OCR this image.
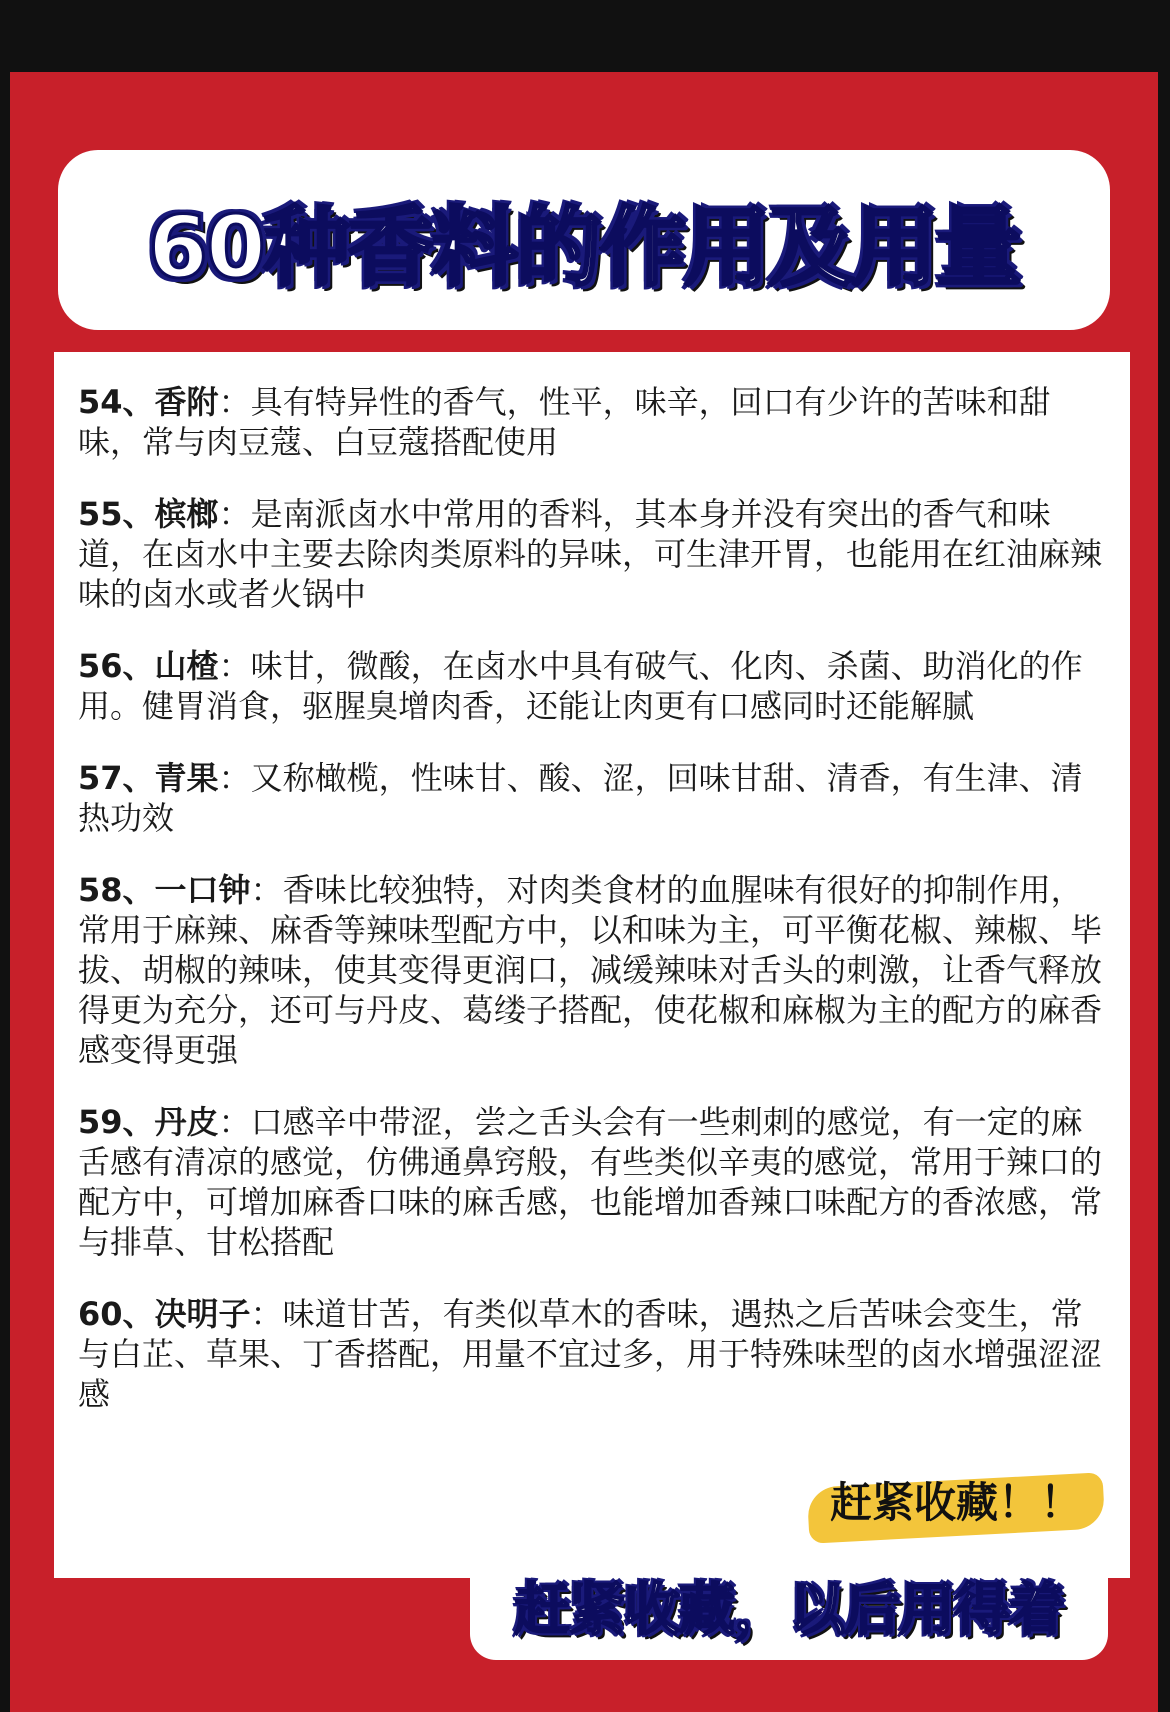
60种香料的作用及用量

54、香附：具有特异性的香气，性平，味辛，回口有少许的苦味和甜味，常与肉豆蔻、白豆蔻搭配使用

55、槟榔：是南派卤水中常用的香料，其本身并没有突出的香气和味道，在卤水中主要去除肉类原料的异味，可生津开胃，也能用在红油麻辣味的卤水或者火锅中

56、山楂：味甘，微酸，在卤水中具有破气、化肉、杀菌、助消化的作用。健胃消食，驱腥臭增肉香，还能让肉更有口感同时还能解腻

57、青果：又称橄榄，性味甘、酸、涩，回味甘甜、清香，有生津、清热功效

58、一口钟：香味比较独特，对肉类食材的血腥味有很好的抑制作用，常用于麻辣、麻香等辣味型配方中，以和味为主，可平衡花椒、辣椒、毕拔、胡椒的辣味，使其变得更润口，减缓辣味对舌头的刺激，让香气释放得更为充分，还可与丹皮、葛缕子搭配，使花椒和麻椒为主的配方的麻香感变得更强

59、丹皮：口感辛中带涩，尝之舌头会有一些刺刺的感觉，有一定的麻舌感有清凉的感觉，仿佛通鼻窍般，有些类似辛夷的感觉，常用于辣口的配方中，可增加麻香口味的麻舌感，也能增加香辣口味配方的香浓感，常与排草、甘松搭配

60、决明子：味道甘苦，有类似草木的香味，遇热之后苦味会变生，常与白芷、草果、丁香搭配，用量不宜过多，用于特殊味型的卤水增强涩涩感

赶紧收藏！！
赶紧收藏，以后用得着
